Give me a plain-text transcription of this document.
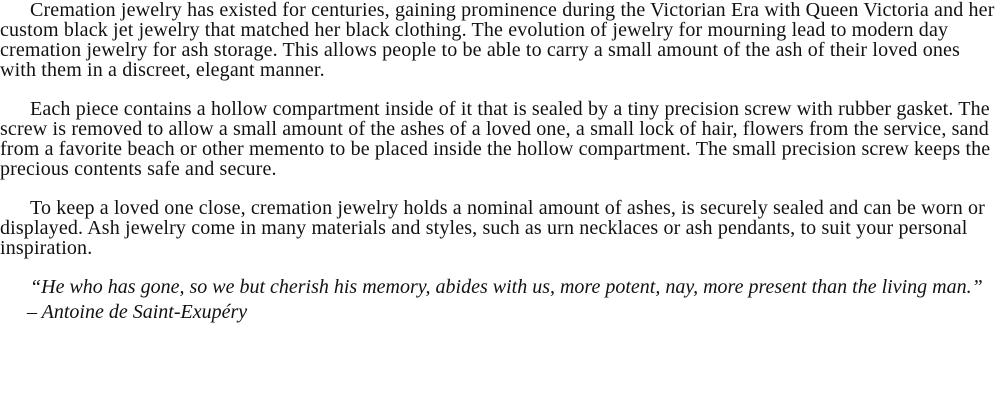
Cremation jewelry has existed for centuries, gaining prominence during the Victorian Era with Queen Victoria and her custom black jet jewelry that matched her black clothing. The evolution of jewelry for mourning lead to modern day cremation jewelry for ash storage. This allows people to be able to carry a small amount of the ash of their loved ones with them in a discreet, elegant manner.

Each piece contains a hollow compartment inside of it that is sealed by a tiny precision screw with rubber gasket. The screw is removed to allow a small amount of the ashes of a loved one, a small lock of hair, flowers from the service, sand from a favorite beach or other memento to be placed inside the hollow compartment. The small precision screw keeps the precious contents safe and secure.

To keep a loved one close, cremation jewelry holds a nominal amount of ashes, is securely sealed and can be worn or displayed. Ash jewelry come in many materials and styles, such as urn necklaces or ash pendants, to suit your personal inspiration.

“He who has gone, so we but cherish his memory, abides with us, more potent, nay, more present than the living man.”

– Antoine de Saint-Exupéry
